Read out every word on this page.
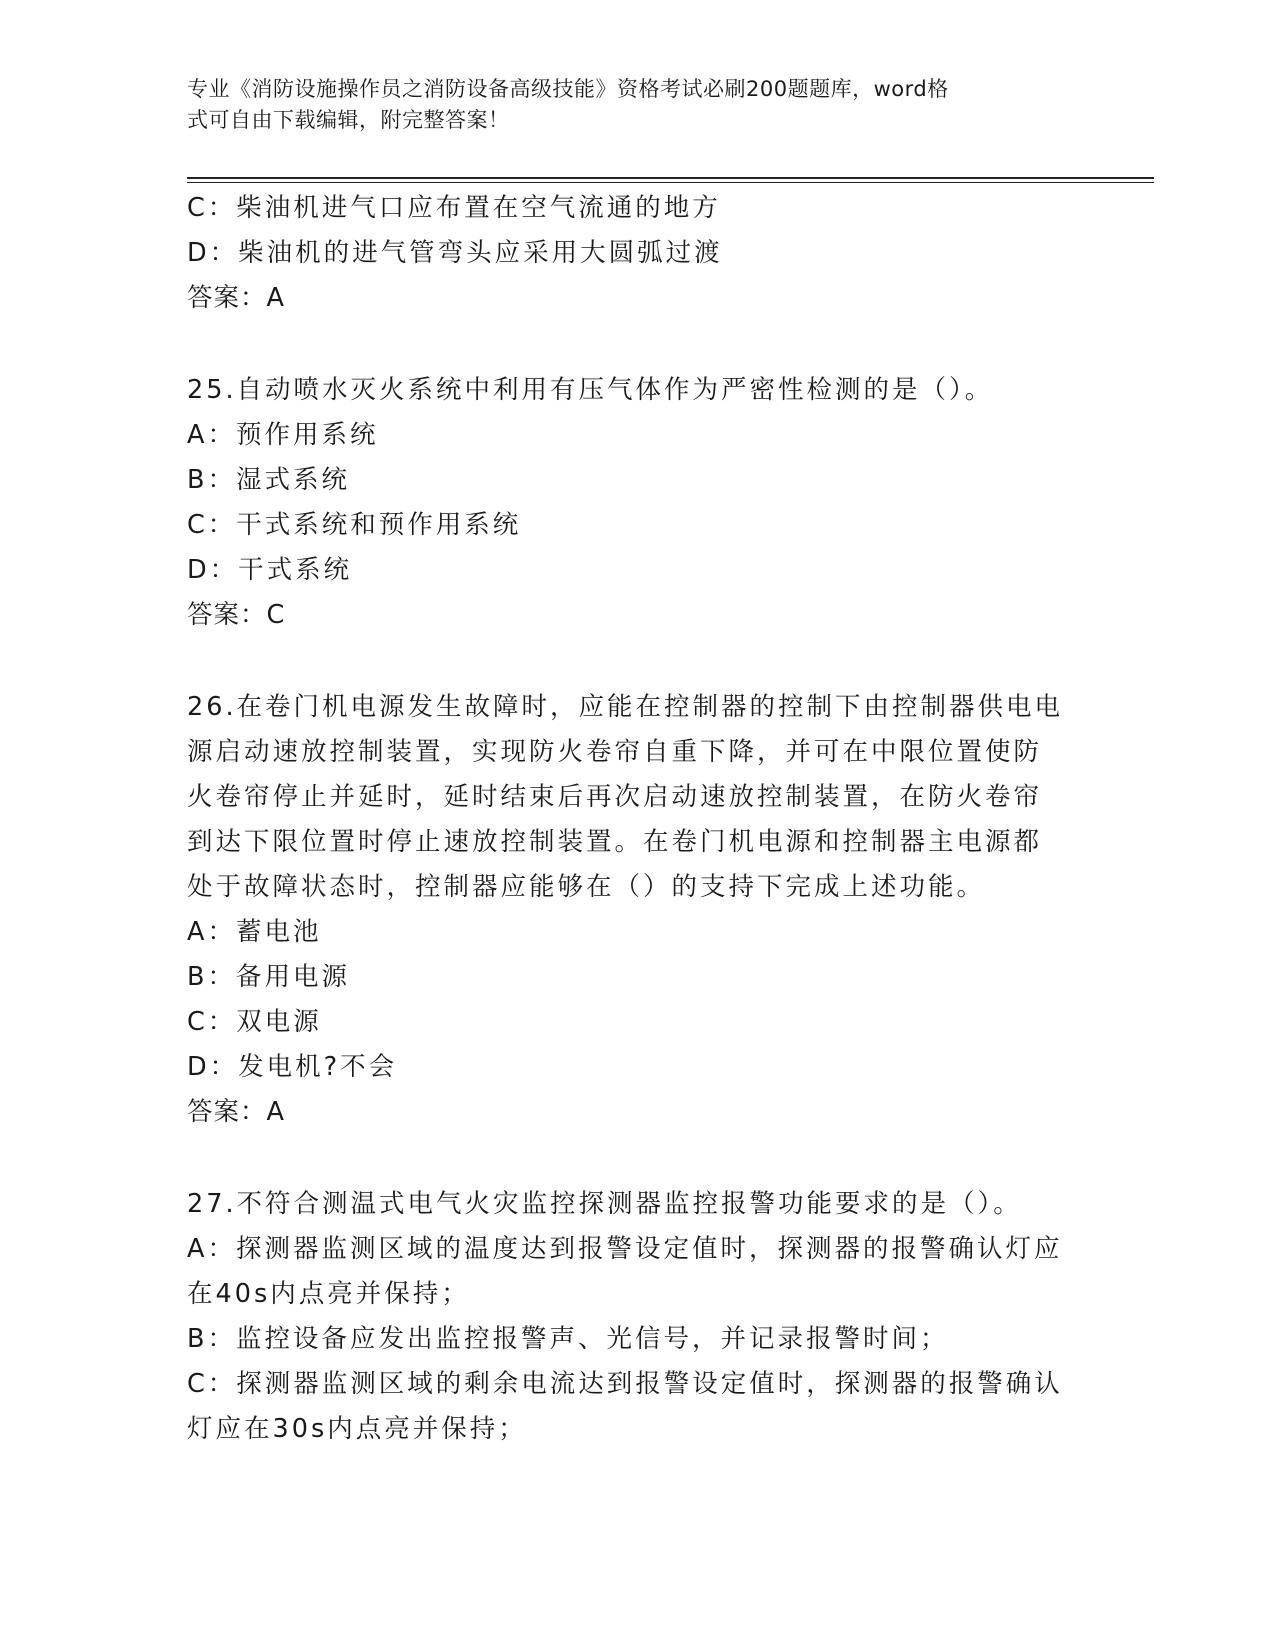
专业《消防设施操作员之消防设备高级技能》资格考试必刷200题题库，word格
式可自由下载编辑，附完整答案！
C：柴油机进气口应布置在空气流通的地方
D：柴油机的进气管弯头应采用大圆弧过渡
答案：A
25.自动喷水灭火系统中利用有压气体作为严密性检测的是（）。
A：预作用系统
B：湿式系统
C：干式系统和预作用系统
D：干式系统
答案：C
26.在卷门机电源发生故障时，应能在控制器的控制下由控制器供电电
源启动速放控制装置，实现防火卷帘自重下降，并可在中限位置使防
火卷帘停止并延时，延时结束后再次启动速放控制装置，在防火卷帘
到达下限位置时停止速放控制装置。在卷门机电源和控制器主电源都
处于故障状态时，控制器应能够在（）的支持下完成上述功能。
A：蓄电池
B：备用电源
C：双电源
D：发电机?不会
答案：A
27.不符合测温式电气火灾监控探测器监控报警功能要求的是（）。
A：探测器监测区域的温度达到报警设定值时，探测器的报警确认灯应
在40s内点亮并保持；
B：监控设备应发出监控报警声、光信号，并记录报警时间；
C：探测器监测区域的剩余电流达到报警设定值时，探测器的报警确认
灯应在30s内点亮并保持；
